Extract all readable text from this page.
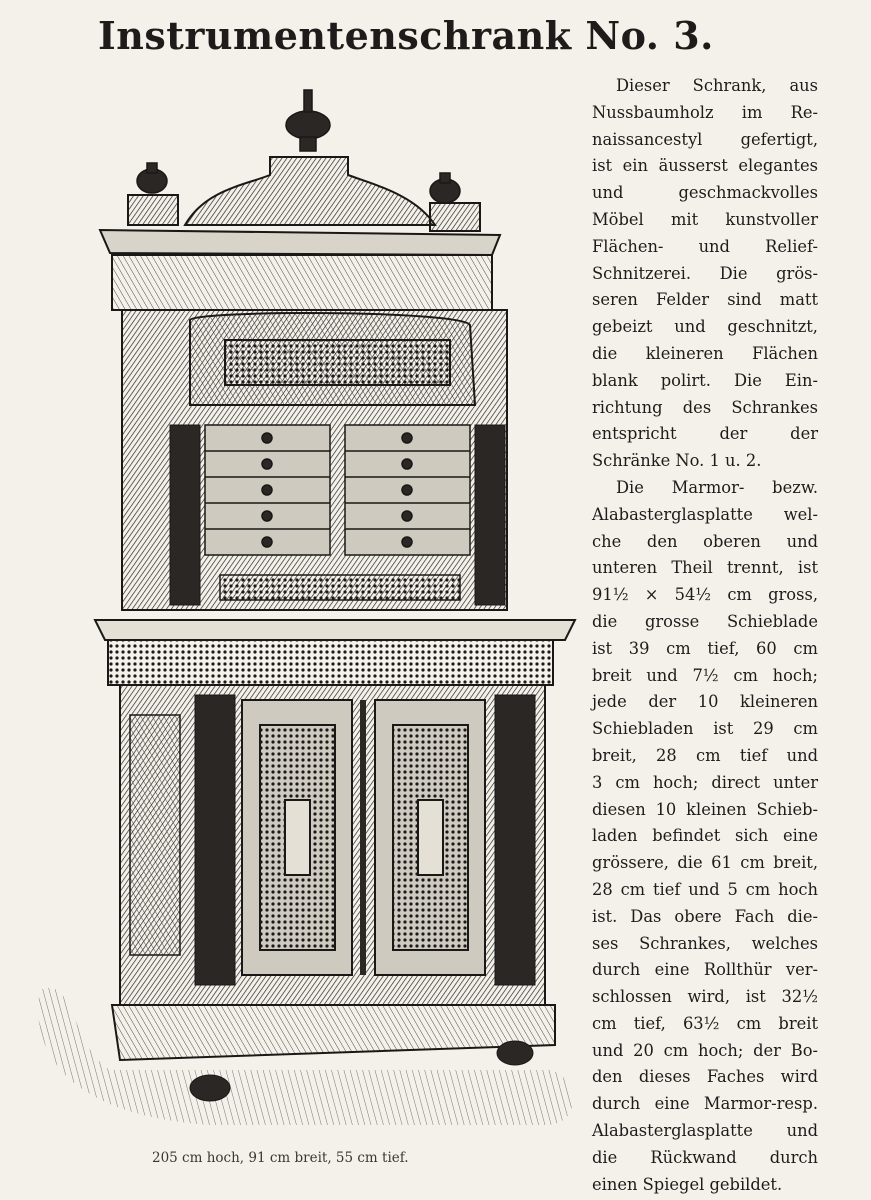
Instrumentenschrank No. 3.
205 cm hoch, 91 cm breit, 55 cm tief.
Dieser Schrank, aus
Nussbaumholz im Re-
naissancestyl gefertigt,
ist ein äusserst elegantes
und geschmackvolles
Möbel mit kunstvoller
Flächen- und Relief-
Schnitzerei. Die grös-
seren Felder sind matt
gebeizt und geschnitzt,
die kleineren Flächen
blank polirt. Die Ein-
richtung des Schrankes
entspricht der der
Schränke No. 1 u. 2.
Die Marmor- bezw.
Alabasterglasplatte wel-
che den oberen und
unteren Theil trennt, ist
91½ × 54½ cm gross,
die grosse Schieblade
ist 39 cm tief, 60 cm
breit und 7½ cm hoch;
jede der 10 kleineren
Schiebladen ist 29 cm
breit, 28 cm tief und
3 cm hoch; direct unter
diesen 10 kleinen Schieb-
laden befindet sich eine
grössere, die 61 cm breit,
28 cm tief und 5 cm hoch
ist. Das obere Fach die-
ses Schrankes, welches
durch eine Rollthür ver-
schlossen wird, ist 32½
cm tief, 63½ cm breit
und 20 cm hoch; der Bo-
den dieses Faches wird
durch eine Marmor-resp.
Alabasterglasplatte und
die Rückwand durch
einen Spiegel gebildet.
